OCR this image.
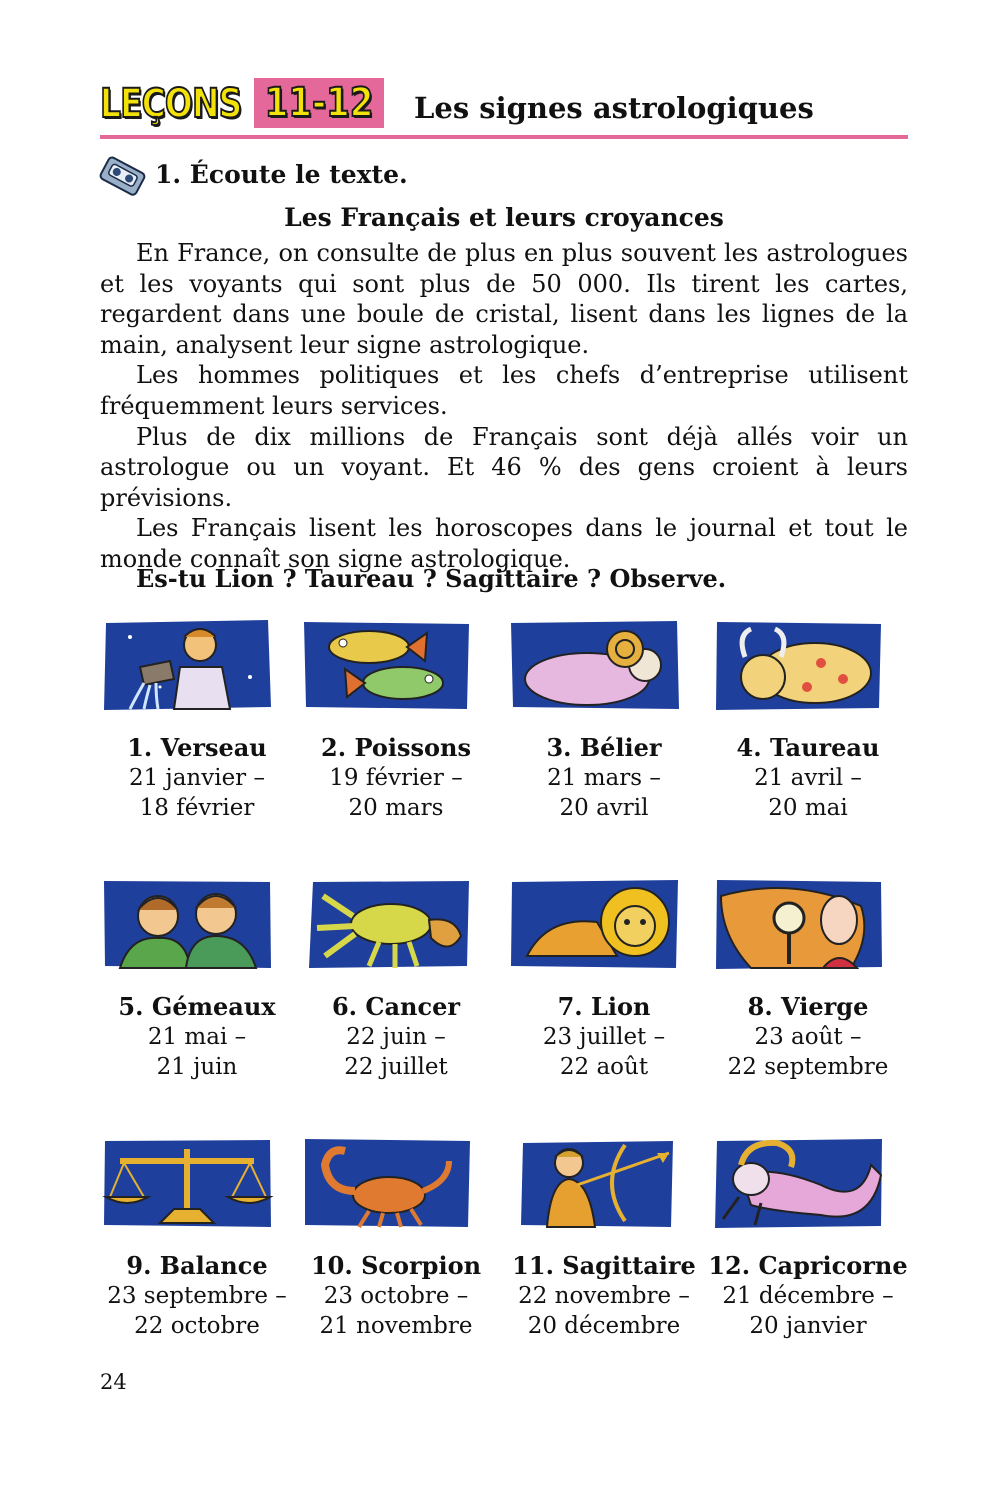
LEÇONS 11-12 Les signes astrologiques
1. Écoute le texte.
Les Français et leurs croyances

En France, on consulte de plus en plus souvent les astrologues et les voyants qui sont plus de 50 000. Ils tirent les cartes, regardent dans une boule de cristal, lisent dans les lignes de la main, analysent leur signe astrologique.

Les hommes politiques et les chefs d’entreprise utilisent fréquemment leurs services.

Plus de dix millions de Français sont déjà allés voir un astrologue ou un voyant. Et 46 % des gens croient à leurs prévisions.

Les Français lisent les horoscopes dans le journal et tout le monde connaît son signe astrologique.

Es-tu Lion ? Taureau ? Sagittaire ? Observe.
1. Verseau
21 janvier –
18 février
2. Poissons
19 février –
20 mars
3. Bélier
21 mars –
20 avril
4. Taureau
21 avril –
20 mai
5. Gémeaux
21 mai –
21 juin
6. Cancer
22 juin –
22 juillet
7. Lion
23 juillet –
22 août
8. Vierge
23 août –
22 septembre
9. Balance
23 septembre –
22 octobre
10. Scorpion
23 octobre –
21 novembre
11. Sagittaire
22 novembre –
20 décembre
12. Capricorne
21 décembre –
20 janvier
24
